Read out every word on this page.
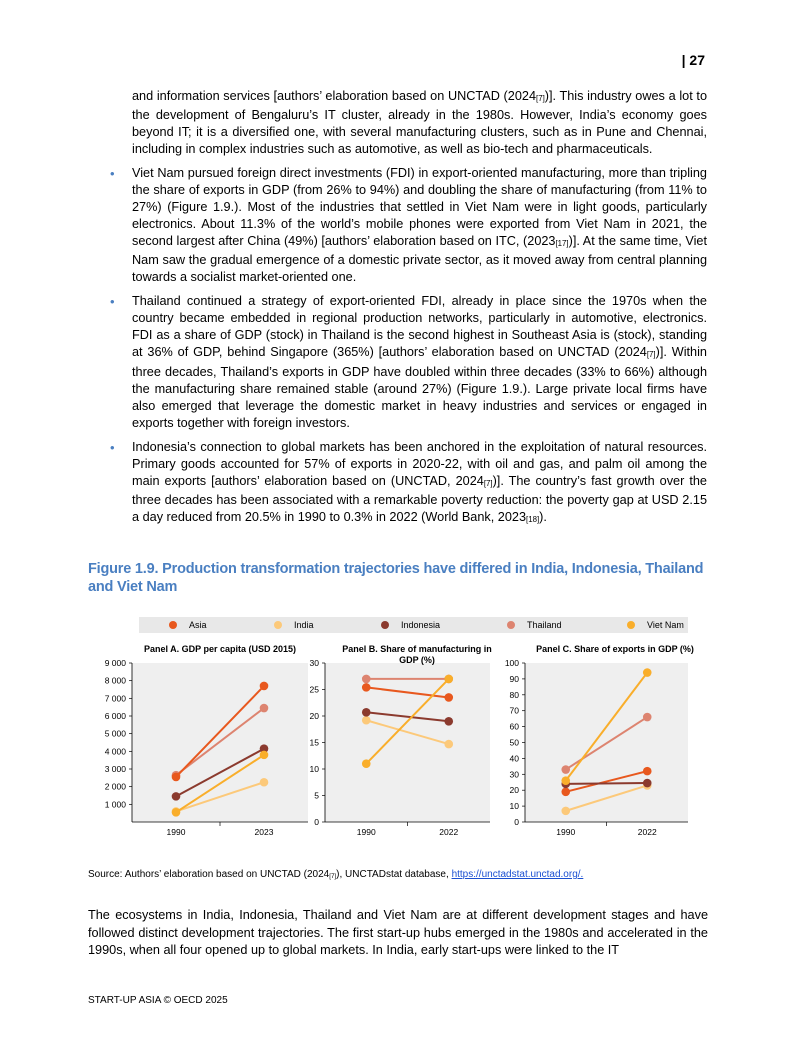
| 27

and information services [authors’ elaboration based on UNCTAD (2024[7])]. This industry owes a lot to the development of Bengaluru’s IT cluster, already in the 1980s. However, India’s economy goes beyond IT; it is a diversified one, with several manufacturing clusters, such as in Pune and Chennai, including in complex industries such as automotive, as well as bio-tech and pharmaceuticals.

• Viet Nam pursued foreign direct investments (FDI) in export-oriented manufacturing, more than tripling the share of exports in GDP (from 26% to 94%) and doubling the share of manufacturing (from 11% to 27%) (Figure 1.9.). Most of the industries that settled in Viet Nam were in light goods, particularly electronics. About 11.3% of the world’s mobile phones were exported from Viet Nam in 2021, the second largest after China (49%) [authors’ elaboration based on ITC, (2023[17])]. At the same time, Viet Nam saw the gradual emergence of a domestic private sector, as it moved away from central planning towards a socialist market-oriented one.
• Thailand continued a strategy of export-oriented FDI, already in place since the 1970s when the country became embedded in regional production networks, particularly in automotive, electronics. FDI as a share of GDP (stock) in Thailand is the second highest in Southeast Asia is (stock), standing at 36% of GDP, behind Singapore (365%) [authors’ elaboration based on UNCTAD (2024[7])]. Within three decades, Thailand’s exports in GDP have doubled within three decades (33% to 66%) although the manufacturing share remained stable (around 27%) (Figure 1.9.). Large private local firms have also emerged that leverage the domestic market in heavy industries and services or engaged in exports together with foreign investors.
• Indonesia’s connection to global markets has been anchored in the exploitation of natural resources. Primary goods accounted for 57% of exports in 2020-22, with oil and gas, and palm oil among the main exports [authors’ elaboration based on (UNCTAD, 2024[7])]. The country’s fast growth over the three decades has been associated with a remarkable poverty reduction: the poverty gap at USD 2.15 a day reduced from 20.5% in 1990 to 0.3% in 2022 (World Bank, 2023[18]).
Figure 1.9. Production transformation trajectories have differed in India, Indonesia, Thailand and Viet Nam
Asia	India	Indonesia	Thailand	Viet Nam
Panel A. GDP per capita (USD 2015)
1 000
2 000
3 000
4 000
5 000
6 000
7 000
8 000
9 000
1990	2023
Panel B. Share of manufacturing in GDP (%)
0
5
10
15
20
25
30
1990	2022
Panel C. Share of exports in GDP (%)
0
10
20
30
40
50
60
70
80
90
100
1990	2022
Source: Authors’ elaboration based on UNCTAD (2024[7]), UNCTADstat database, https://unctadstat.unctad.org/.

The ecosystems in India, Indonesia, Thailand and Viet Nam are at different development stages and have followed distinct development trajectories. The first start-up hubs emerged in the 1980s and accelerated in the 1990s, when all four opened up to global markets. In India, early start-ups were linked to the IT

START-UP ASIA © OECD 2025
